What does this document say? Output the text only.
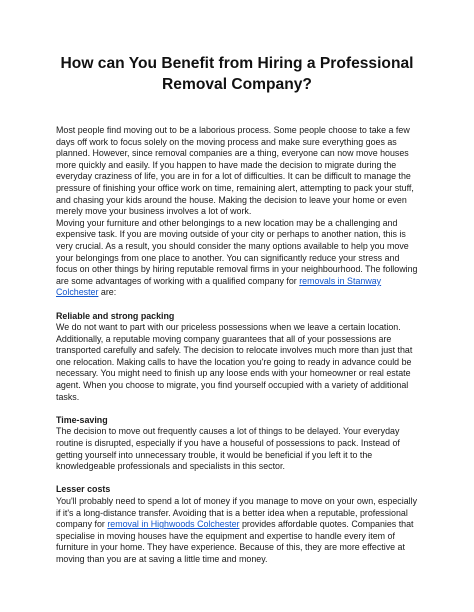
How can You Benefit from Hiring a Professional Removal Company?

Most people find moving out to be a laborious process. Some people choose to take a few days off work to focus solely on the moving process and make sure everything goes as planned. However, since removal companies are a thing, everyone can now move houses more quickly and easily. If you happen to have made the decision to migrate during the everyday craziness of life, you are in for a lot of difficulties. It can be difficult to manage the pressure of finishing your office work on time, remaining alert, attempting to pack your stuff, and chasing your kids around the house. Making the decision to leave your home or even merely move your business involves a lot of work.

Moving your furniture and other belongings to a new location may be a challenging and expensive task. If you are moving outside of your city or perhaps to another nation, this is very crucial. As a result, you should consider the many options available to help you move your belongings from one place to another. You can significantly reduce your stress and focus on other things by hiring reputable removal firms in your neighbourhood. The following are some advantages of working with a qualified company for removals in Stanway Colchester are:

Reliable and strong packing

We do not want to part with our priceless possessions when we leave a certain location. Additionally, a reputable moving company guarantees that all of your possessions are transported carefully and safely. The decision to relocate involves much more than just that one relocation. Making calls to have the location you're going to ready in advance could be necessary. You might need to finish up any loose ends with your homeowner or real estate agent. When you choose to migrate, you find yourself occupied with a variety of additional tasks.

Time-saving

The decision to move out frequently causes a lot of things to be delayed. Your everyday routine is disrupted, especially if you have a houseful of possessions to pack. Instead of getting yourself into unnecessary trouble, it would be beneficial if you left it to the knowledgeable professionals and specialists in this sector.

Lesser costs

You'll probably need to spend a lot of money if you manage to move on your own, especially if it's a long-distance transfer. Avoiding that is a better idea when a reputable, professional company for removal in Highwoods Colchester provides affordable quotes. Companies that specialise in moving houses have the equipment and expertise to handle every item of furniture in your home. They have experience. Because of this, they are more effective at moving than you are at saving a little time and money.
